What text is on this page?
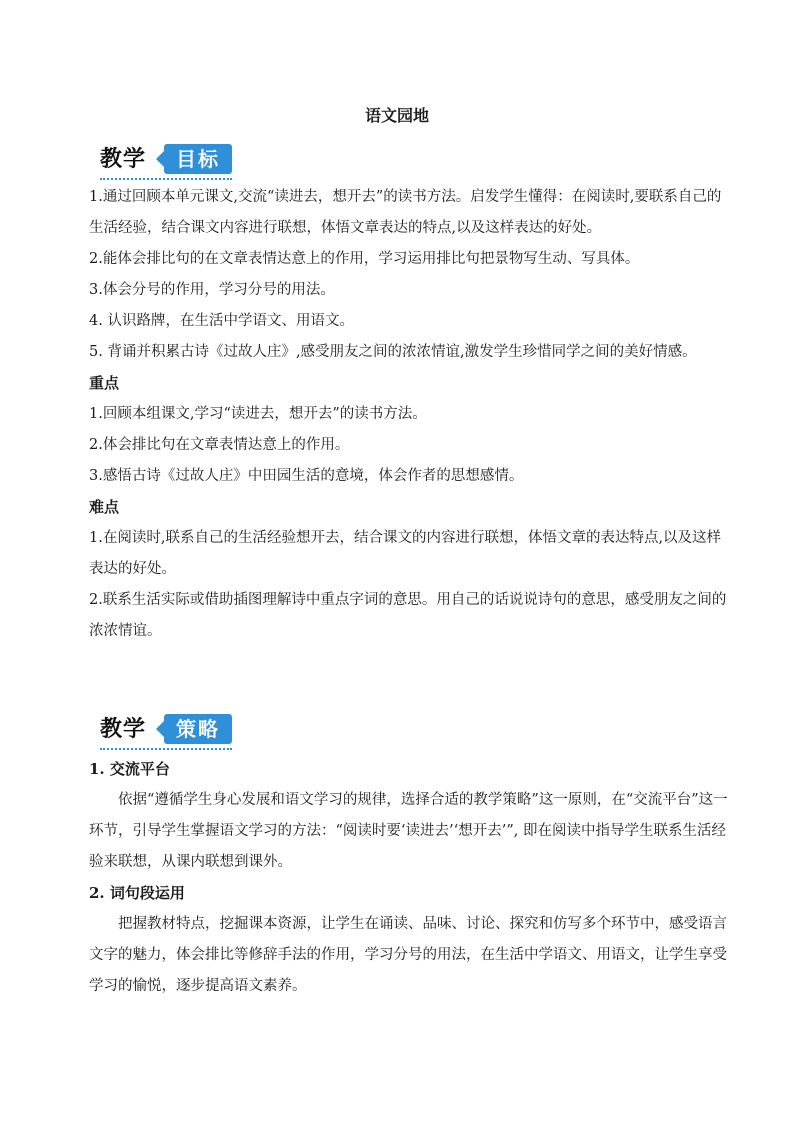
语文园地
教学	目标

1.通过回顾本单元课文,交流“读进去，想开去”的读书方法。启发学生懂得：在阅读时,要联系自己的生活经验，结合课文内容进行联想，体悟文章表达的特点,以及这样表达的好处。

2.能体会排比句的在文章表情达意上的作用，学习运用排比句把景物写生动、写具体。

3.体会分号的作用，学习分号的用法。

4. 认识路牌，在生活中学语文、用语文。

5. 背诵并积累古诗《过故人庄》,感受朋友之间的浓浓情谊,激发学生珍惜同学之间的美好情感。

重点

1.回顾本组课文,学习“读进去，想开去”的读书方法。

2.体会排比句在文章表情达意上的作用。

3.感悟古诗《过故人庄》中田园生活的意境，体会作者的思想感情。

难点

1.在阅读时,联系自己的生活经验想开去，结合课文的内容进行联想，体悟文章的表达特点,以及这样表达的好处。

2.联系生活实际或借助插图理解诗中重点字词的意思。用自己的话说说诗句的意思，感受朋友之间的浓浓情谊。

教学	策略

1. 交流平台

依据“遵循学生身心发展和语文学习的规律，选择合适的教学策略”这一原则，在“交流平台”这一环节，引导学生掌握语文学习的方法：“阅读时要‘读进去’‘想开去’”, 即在阅读中指导学生联系生活经验来联想，从课内联想到课外。

2. 词句段运用

把握教材特点，挖掘课本资源，让学生在诵读、品味、讨论、探究和仿写多个环节中，感受语言文字的魅力，体会排比等修辞手法的作用，学习分号的用法，在生活中学语文、用语文，让学生享受学习的愉悦，逐步提高语文素养。
